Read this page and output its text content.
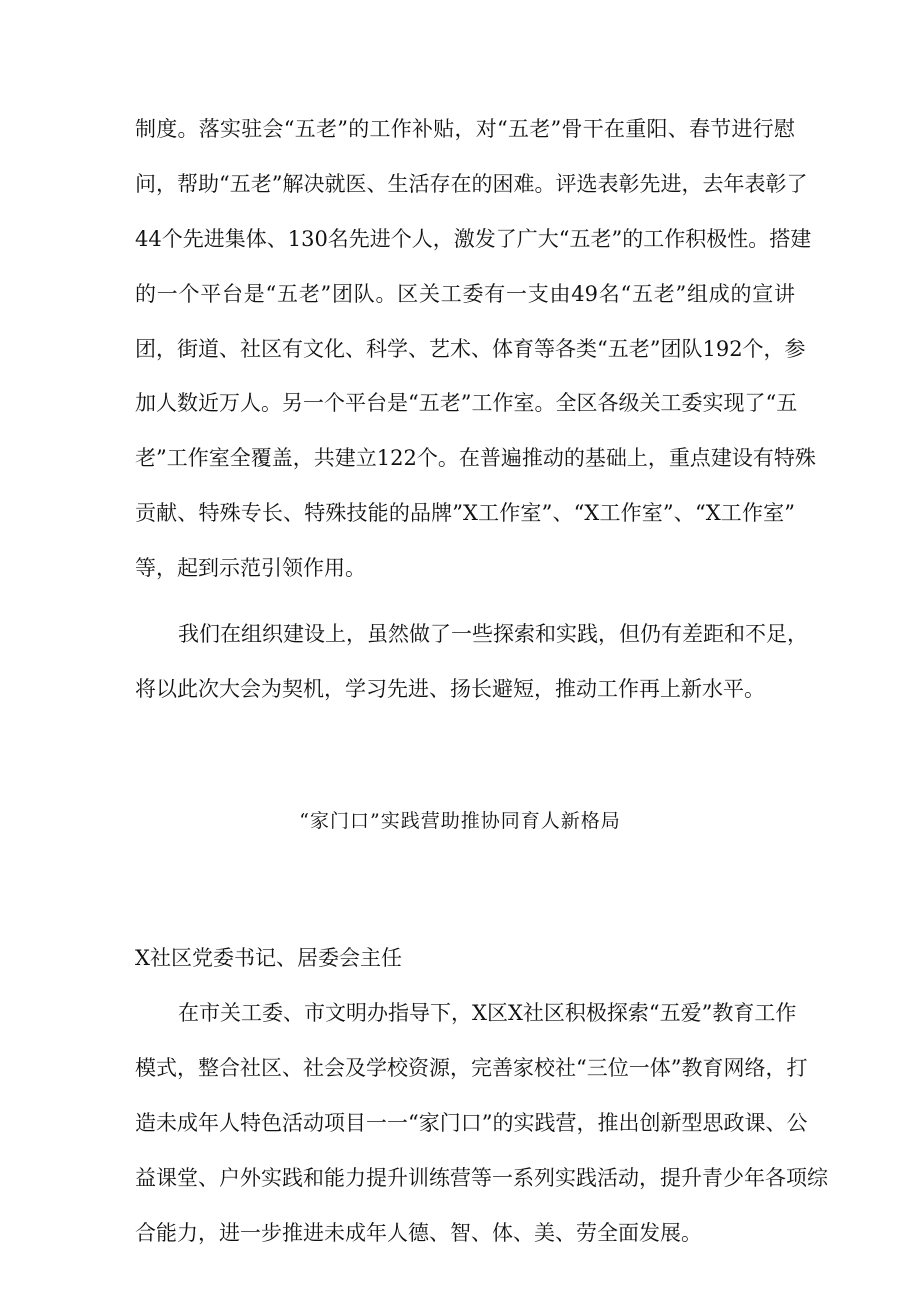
制度。落实驻会“五老”的工作补贴，对“五老”骨干在重阳、春节进行慰
问，帮助“五老”解决就医、生活存在的困难。评选表彰先进，去年表彰了
44个先进集体、130名先进个人，激发了广大“五老”的工作积极性。搭建
的一个平台是“五老”团队。区关工委有一支由49名“五老”组成的宣讲
团，街道、社区有文化、科学、艺术、体育等各类“五老”团队192个，参
加人数近万人。另一个平台是“五老”工作室。全区各级关工委实现了“五
老”工作室全覆盖，共建立122个。在普遍推动的基础上，重点建设有特殊
贡献、特殊专长、特殊技能的品牌”X工作室”、“X工作室”、“X工作室”
等，起到示范引领作用。
我们在组织建设上，虽然做了一些探索和实践，但仍有差距和不足，
将以此次大会为契机，学习先进、扬长避短，推动工作再上新水平。
“家门口”实践营助推协同育人新格局
X社区党委书记、居委会主任
在市关工委、市文明办指导下，X区X社区积极探索“五爱”教育工作
模式，整合社区、社会及学校资源，完善家校社“三位一体”教育网络，打
造未成年人特色活动项目一一“家门口”的实践营，推出创新型思政课、公
益课堂、户外实践和能力提升训练营等一系列实践活动，提升青少年各项综
合能力，进一步推进未成年人德、智、体、美、劳全面发展。
